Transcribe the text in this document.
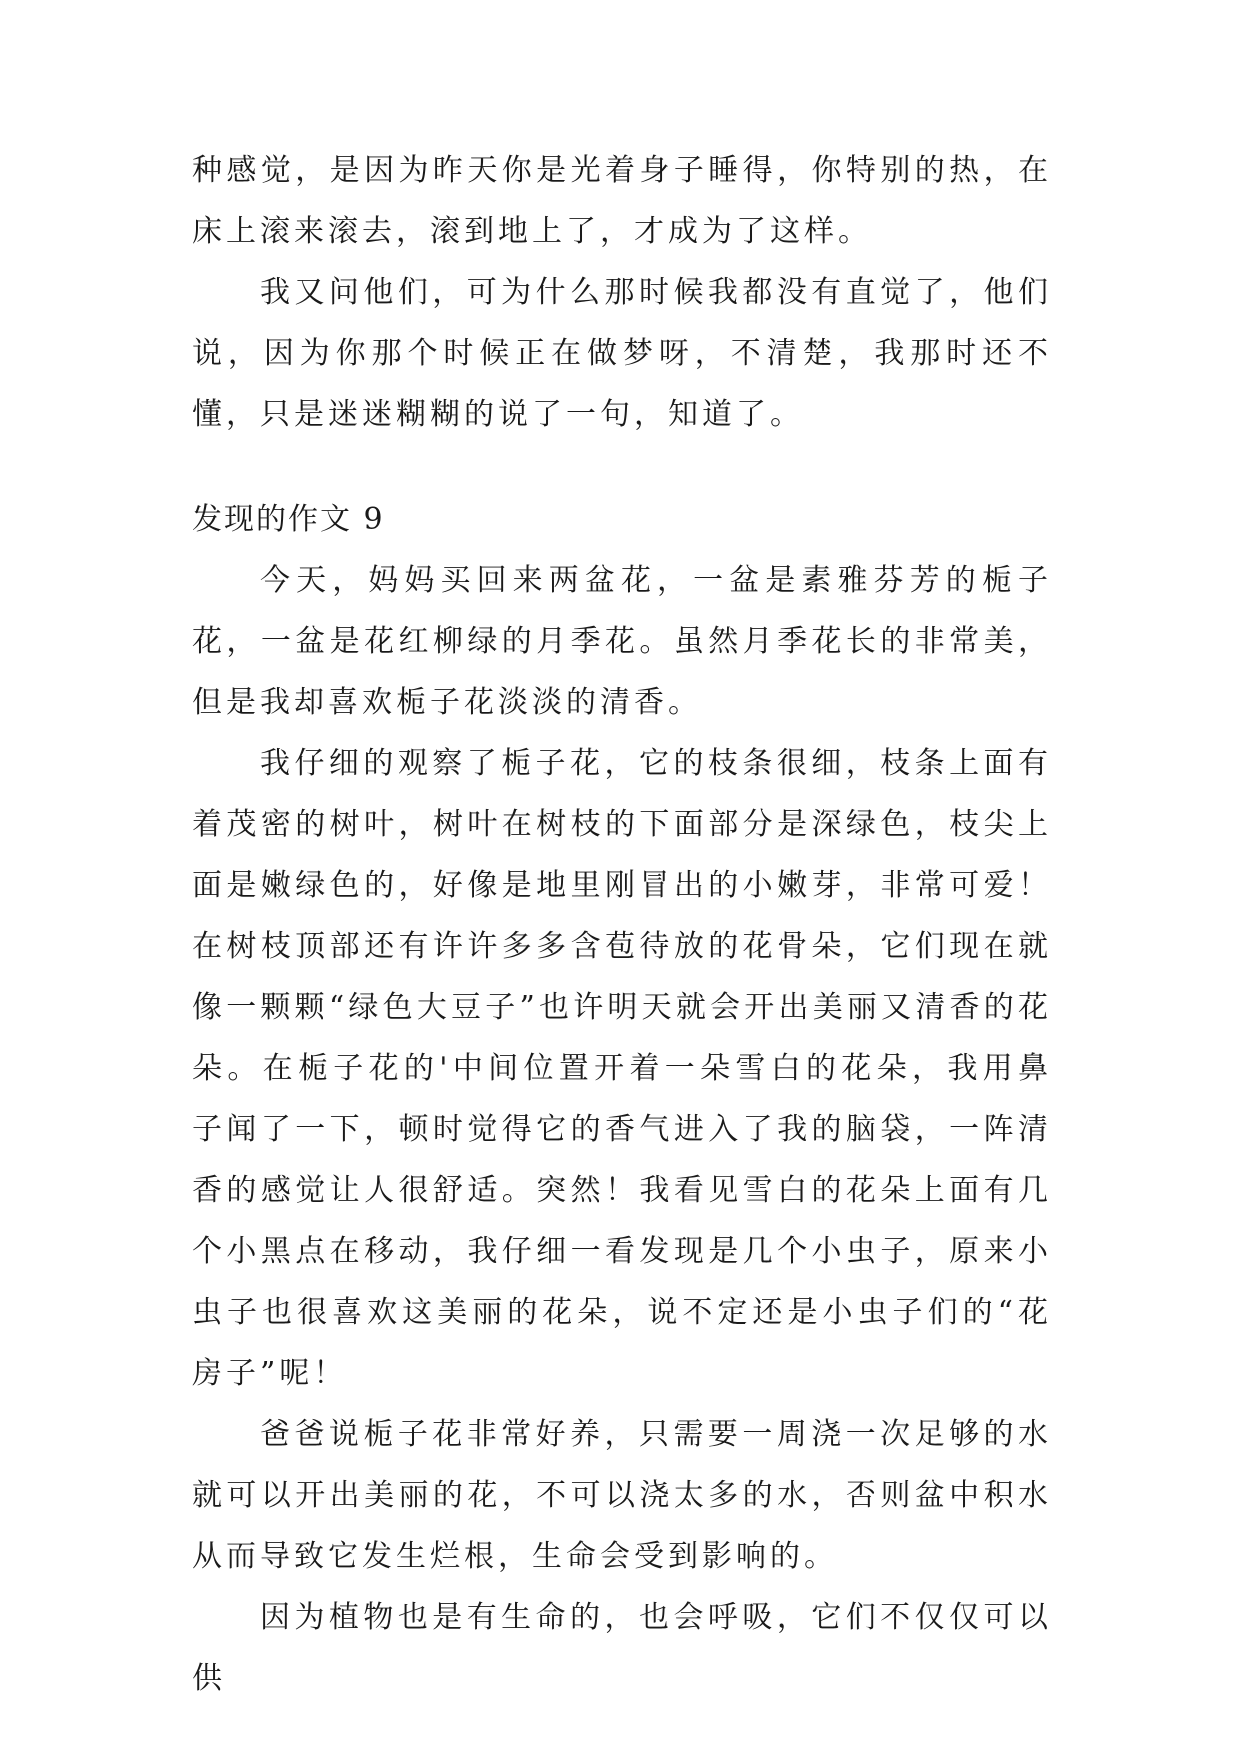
种感觉，是因为昨天你是光着身子睡得，你特别的热，在床上滚来滚去，滚到地上了，才成为了这样。

我又问他们，可为什么那时候我都没有直觉了，他们说，因为你那个时候正在做梦呀，不清楚，我那时还不懂，只是迷迷糊糊的说了一句，知道了。

发现的作文 9

今天，妈妈买回来两盆花，一盆是素雅芬芳的栀子花，一盆是花红柳绿的月季花。虽然月季花长的非常美，但是我却喜欢栀子花淡淡的清香。

我仔细的观察了栀子花，它的枝条很细，枝条上面有着茂密的树叶，树叶在树枝的下面部分是深绿色，枝尖上面是嫩绿色的，好像是地里刚冒出的小嫩芽，非常可爱！在树枝顶部还有许许多多含苞待放的花骨朵，它们现在就像一颗颗“绿色大豆子”也许明天就会开出美丽又清香的花朵。在栀子花的'中间位置开着一朵雪白的花朵，我用鼻子闻了一下，顿时觉得它的香气进入了我的脑袋，一阵清香的感觉让人很舒适。突然！我看见雪白的花朵上面有几个小黑点在移动，我仔细一看发现是几个小虫子，原来小虫子也很喜欢这美丽的花朵，说不定还是小虫子们的“花房子”呢！

爸爸说栀子花非常好养，只需要一周浇一次足够的水就可以开出美丽的花，不可以浇太多的水，否则盆中积水从而导致它发生烂根，生命会受到影响的。

因为植物也是有生命的，也会呼吸，它们不仅仅可以供
